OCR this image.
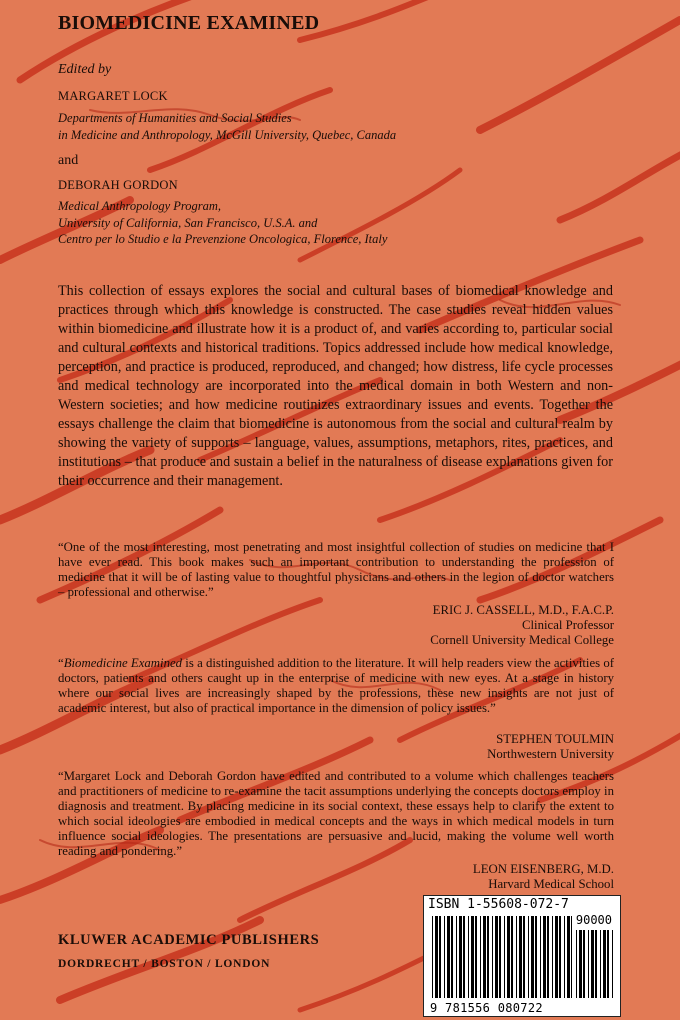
BIOMEDICINE EXAMINED
Edited by
MARGARET LOCK
Departments of Humanities and Social Studies
in Medicine and Anthropology, McGill University, Quebec, Canada
and
DEBORAH GORDON
Medical Anthropology Program,
University of California, San Francisco, U.S.A. and
Centro per lo Studio e la Prevenzione Oncologica, Florence, Italy

This collection of essays explores the social and cultural bases of biomedical knowledge and practices through which this knowledge is constructed. The case studies reveal hidden values within biomedicine and illustrate how it is a product of, and varies according to, particular social and cultural contexts and historical traditions. Topics addressed include how medical knowledge, perception, and practice is produced, reproduced, and changed; how distress, life cycle processes and medical technology are incorporated into the medical domain in both Western and non-Western societies; and how medicine routinizes extraordinary issues and events. Together the essays challenge the claim that biomedicine is autonomous from the social and cultural realm by showing the variety of supports – language, values, assumptions, metaphors, rites, practices, and institutions – that produce and sustain a belief in the naturalness of disease explanations given for their occurrence and their management.

“One of the most interesting, most penetrating and most insightful collection of studies on medicine that I have ever read. This book makes such an important contribution to understanding the profession of medicine that it will be of lasting value to thoughtful physicians and others in the legion of doctor watchers – professional and otherwise.”

ERIC J. CASSELL, M.D., F.A.C.P.
Clinical Professor
Cornell University Medical College

“Biomedicine Examined is a distinguished addition to the literature. It will help readers view the activities of doctors, patients and others caught up in the enterprise of medicine with new eyes. At a stage in history where our social lives are increasingly shaped by the professions, these new insights are not just of academic interest, but also of practical importance in the dimension of policy issues.”

STEPHEN TOULMIN
Northwestern University

“Margaret Lock and Deborah Gordon have edited and contributed to a volume which challenges teachers and practitioners of medicine to re-examine the tacit assumptions underlying the concepts doctors employ in diagnosis and treatment. By placing medicine in its social context, these essays help to clarify the extent to which social ideologies are embodied in medical concepts and the ways in which medical models in turn influence social ideologies. The presentations are persuasive and lucid, making the volume well worth reading and pondering.”

LEON EISENBERG, M.D.
Harvard Medical School
KLUWER ACADEMIC PUBLISHERS
DORDRECHT / BOSTON / LONDON
ISBN 1-55608-072-7
90000
9 781556 080722
